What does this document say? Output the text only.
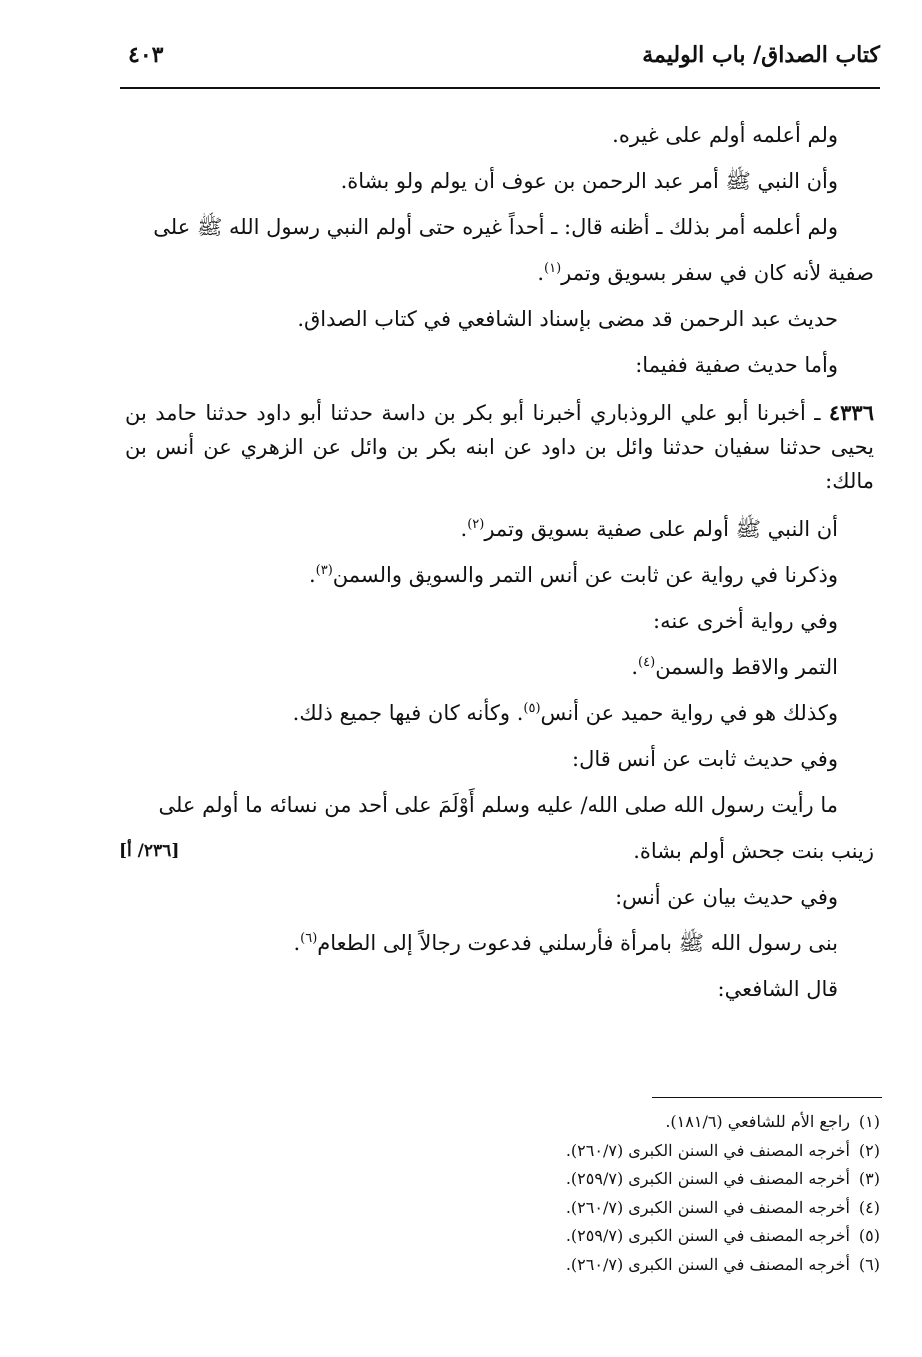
كتاب الصداق/ باب الوليمة
٤٠٣

ولم أعلمه أولم على غيره.

وأن النبي ﷺ أمر عبد الرحمن بن عوف أن يولم ولو بشاة.

ولم أعلمه أمر بذلك ـ أظنه قال: ـ أحداً غيره حتى أولم النبي رسول الله ﷺ على

صفية لأنه كان في سفر بسويق وتمر$^{(١)}$.

حديث عبد الرحمن قد مضى بإسناد الشافعي في كتاب الصداق.

وأما حديث صفية ففيما:

٤٣٣٦ ـ أخبرنا أبو علي الروذباري أخبرنا أبو بكر بن داسة حدثنا أبو داود حدثنا حامد بن يحيى حدثنا سفيان حدثنا وائل بن داود عن ابنه بكر بن وائل عن الزهري عن أنس بن مالك:

أن النبي ﷺ أولم على صفية بسويق وتمر$^{(٢)}$.

وذكرنا في رواية عن ثابت عن أنس التمر والسويق والسمن$^{(٣)}$.

وفي رواية أخرى عنه:

التمر والاقط والسمن$^{(٤)}$.

وكذلك هو في رواية حميد عن أنس$^{(٥)}$. وكأنه كان فيها جميع ذلك.

وفي حديث ثابت عن أنس قال:

ما رأيت رسول الله صلى الله/ عليه وسلم أَوْلَمَ على أحد من نسائه ما أولم على
[٢٣٦/ أ]	زينب بنت جحش أولم بشاة.

وفي حديث بيان عن أنس:

بنى رسول الله ﷺ بامرأة فأرسلني فدعوت رجالاً إلى الطعام$^{(٦)}$.

قال الشافعي:

(١)راجع الأم للشافعي (١٨١/٦).
(٢)أخرجه المصنف في السنن الكبرى (٢٦٠/٧).
(٣)أخرجه المصنف في السنن الكبرى (٢٥٩/٧).
(٤)أخرجه المصنف في السنن الكبرى (٢٦٠/٧).
(٥)أخرجه المصنف في السنن الكبرى (٢٥٩/٧).
(٦)أخرجه المصنف في السنن الكبرى (٢٦٠/٧).
